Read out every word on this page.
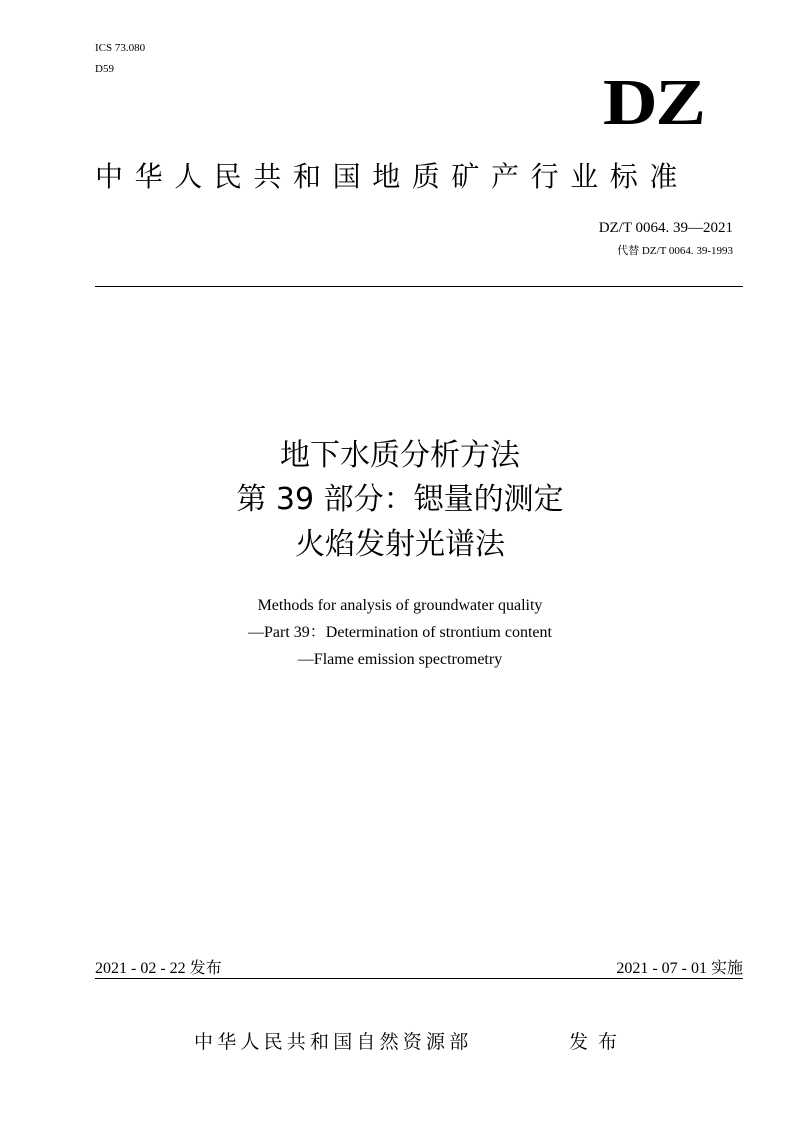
ICS 73.080
D59	DZ
中华人民共和国地质矿产行业标准
DZ/T 0064. 39—2021
代替 DZ/T 0064. 39-1993
地下水质分析方法
第 39 部分：锶量的测定
火焰发射光谱法
Methods for analysis of groundwater quality
—Part 39：Determination of strontium content
—Flame emission spectrometry
2021 - 02 - 22 发布	2021 - 07 - 01 实施
中华人民共和国自然资源部	发布
